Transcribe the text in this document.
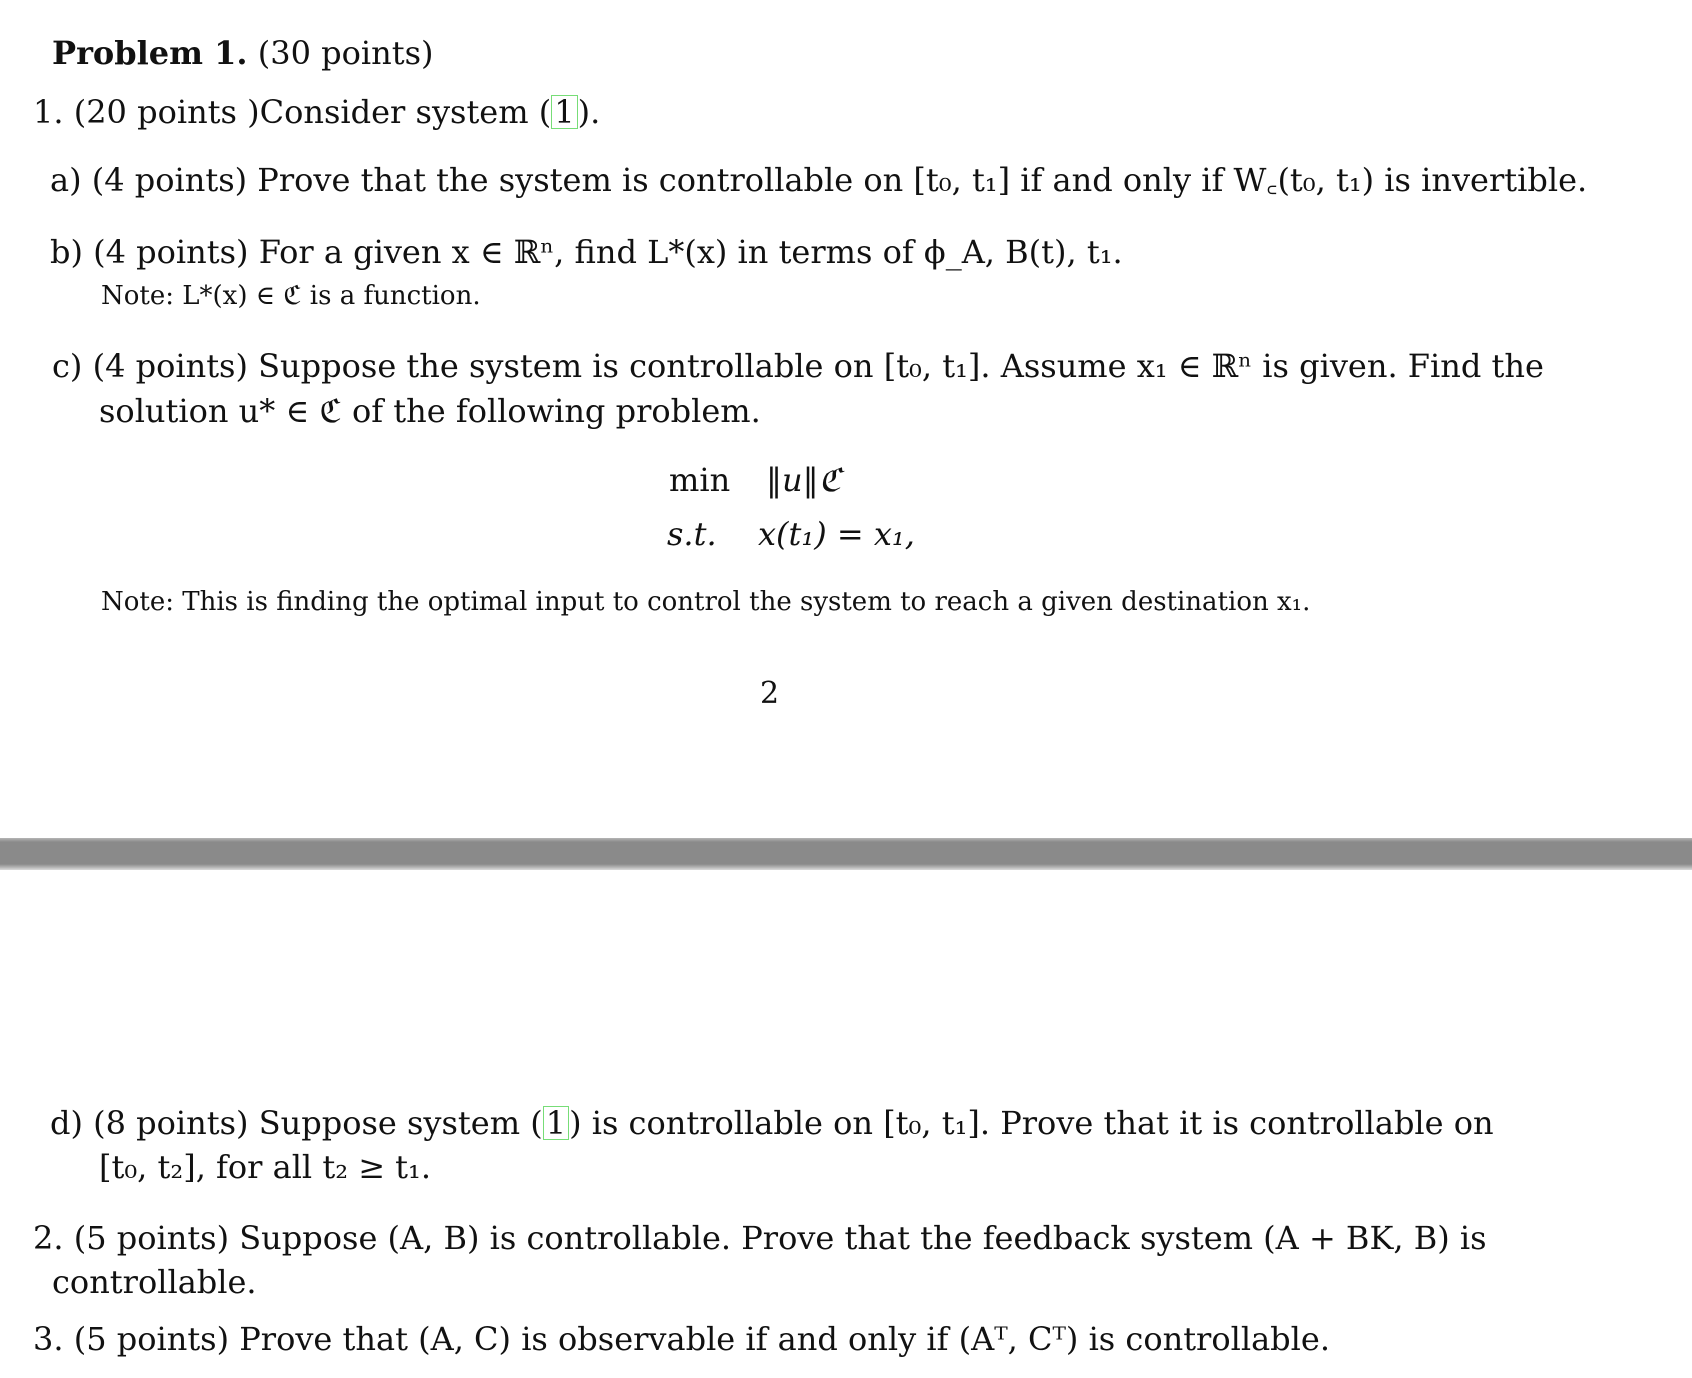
Problem 1. (30 points)
1. (20 points )Consider system (1).
a) (4 points) Prove that the system is controllable on [t₀, t₁] if and only if W꜀(t₀, t₁) is invertible.
b) (4 points) For a given x ∈ ℝⁿ, find L*(x) in terms of ϕ_A, B(t), t₁.
Note: L*(x) ∈ ℭ is a function.
c) (4 points) Suppose the system is controllable on [t₀, t₁]. Assume x₁ ∈ ℝⁿ is given. Find the
solution u* ∈ ℭ of the following problem.
min ‖u‖ℭ
s.t. x(t₁) = x₁,
Note: This is finding the optimal input to control the system to reach a given destination x₁.
2
d) (8 points) Suppose system (1) is controllable on [t₀, t₁]. Prove that it is controllable on
[t₀, t₂], for all t₂ ≥ t₁.
2. (5 points) Suppose (A, B) is controllable. Prove that the feedback system (A + BK, B) is
controllable.
3. (5 points) Prove that (A, C) is observable if and only if (Aᵀ, Cᵀ) is controllable.
